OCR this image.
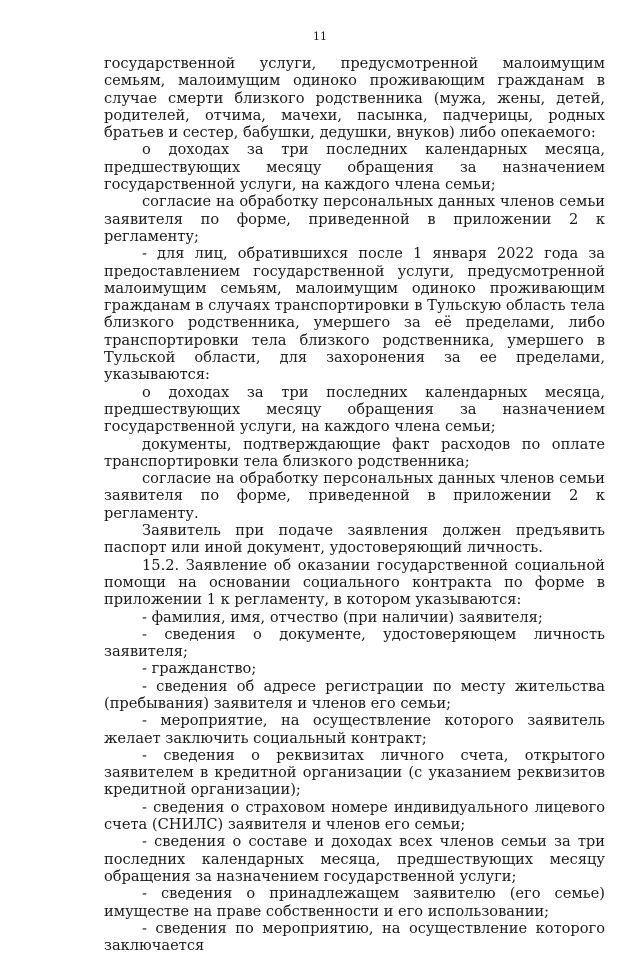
11

государственной услуги, предусмотренной малоимущим семьям, малоимущим одиноко проживающим гражданам в случае смерти близкого родственника (мужа, жены, детей, родителей, отчима, мачехи, пасынка, падчерицы, родных братьев и сестер, бабушки, дедушки, внуков) либо опекаемого:

о доходах за три последних календарных месяца, предшествующих месяцу обращения за назначением государственной услуги, на каждого члена семьи;

согласие на обработку персональных данных членов семьи заявителя по форме, приведенной в приложении 2 к регламенту;

- для лиц, обратившихся после 1 января 2022 года за предоставлением государственной услуги, предусмотренной малоимущим семьям, малоимущим одиноко проживающим гражданам в случаях транспортировки в Тульскую область тела близкого родственника, умершего за её пределами, либо транспортировки тела близкого родственника, умершего в Тульской области, для захоронения за ее пределами, указываются:

о доходах за три последних календарных месяца, предшествующих месяцу обращения за назначением государственной услуги, на каждого члена семьи;

документы, подтверждающие факт расходов по оплате транспортировки тела близкого родственника;

согласие на обработку персональных данных членов семьи заявителя по форме, приведенной в приложении 2 к регламенту.

Заявитель при подаче заявления должен предъявить паспорт или иной документ, удостоверяющий личность.

15.2. Заявление об оказании государственной социальной помощи на основании социального контракта по форме в приложении 1 к регламенту, в котором указываются:

- фамилия, имя, отчество (при наличии) заявителя;

- сведения о документе, удостоверяющем личность заявителя;

- гражданство;

- сведения об адресе регистрации по месту жительства (пребывания) заявителя и членов его семьи;

- мероприятие, на осуществление которого заявитель желает заключить социальный контракт;

- сведения о реквизитах личного счета, открытого заявителем в кредитной организации (с указанием реквизитов кредитной организации);

- сведения о страховом номере индивидуального лицевого счета (СНИЛС) заявителя и членов его семьи;

- сведения о составе и доходах всех членов семьи за три последних календарных месяца, предшествующих месяцу обращения за назначением государственной услуги;

- сведения о принадлежащем заявителю (его семье) имуществе на праве собственности и его использовании;

- сведения по мероприятию, на осуществление которого заключается
